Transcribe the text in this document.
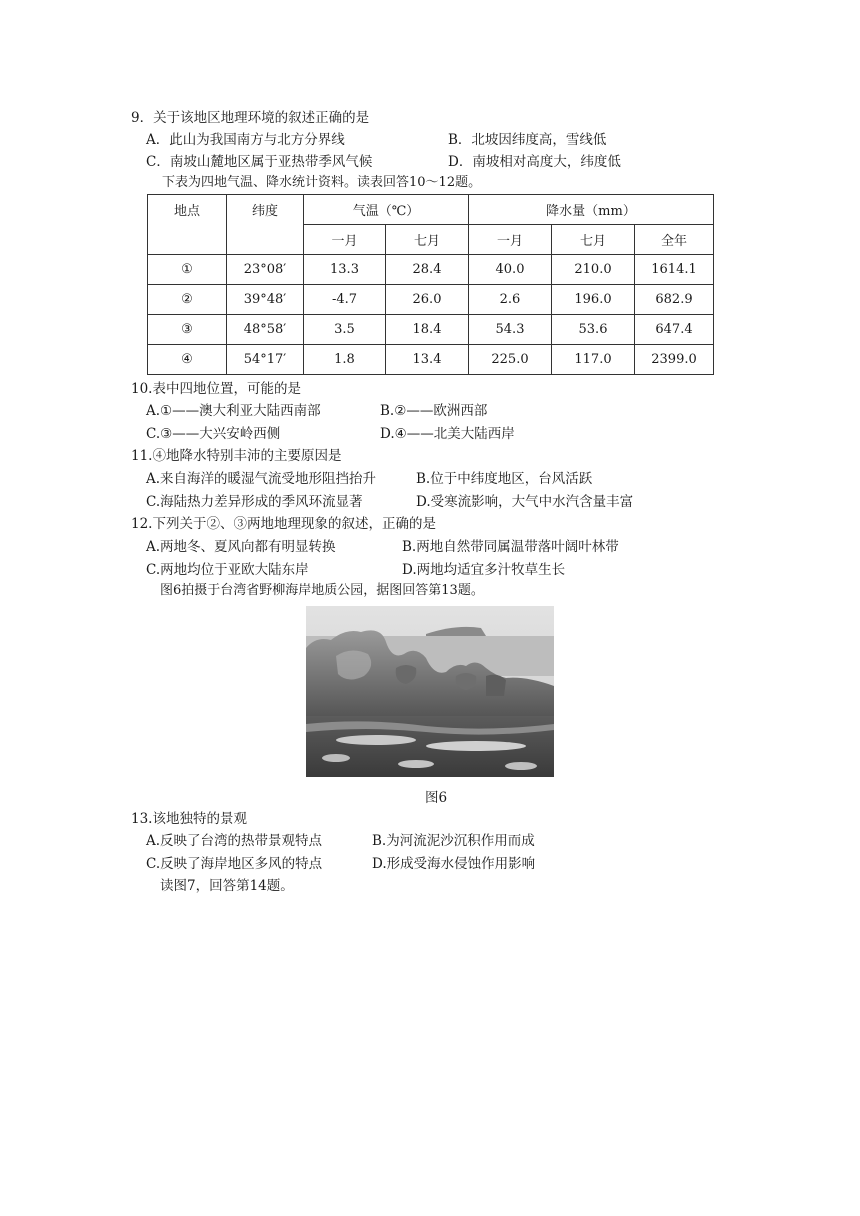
9．关于该地区地理环境的叙述正确的是
A．此山为我国南方与北方分界线	B．北坡因纬度高，雪线低
C．南坡山麓地区属于亚热带季风气候	D．南坡相对高度大，纬度低
下表为四地气温、降水统计资料。读表回答10～12题。
地点	纬度	气温（℃）		降水量（mm）		
		一月	七月	一月	七月	全年
①	23°08′	13.3	28.4	40.0	210.0	1614.1
②	39°48′	-4.7	26.0	2.6	196.0	682.9
③	48°58′	3.5	18.4	54.3	53.6	647.4
④	54°17′	1.8	13.4	225.0	117.0	2399.0
10.表中四地位置，可能的是
A.①——澳大利亚大陆西南部	B.②——欧洲西部
C.③——大兴安岭西侧	D.④——北美大陆西岸
11.④地降水特别丰沛的主要原因是
A.来自海洋的暖湿气流受地形阻挡抬升	B.位于中纬度地区，台风活跃
C.海陆热力差异形成的季风环流显著	D.受寒流影响，大气中水汽含量丰富
12.下列关于②、③两地地理现象的叙述，正确的是
A.两地冬、夏风向都有明显转换	B.两地自然带同属温带落叶阔叶林带
C.两地均位于亚欧大陆东岸	D.两地均适宜多汁牧草生长
图6拍摄于台湾省野柳海岸地质公园，据图回答第13题。
图6
13.该地独特的景观
A.反映了台湾的热带景观特点	B.为河流泥沙沉积作用而成
C.反映了海岸地区多风的特点	D.形成受海水侵蚀作用影响
读图7，回答第14题。
